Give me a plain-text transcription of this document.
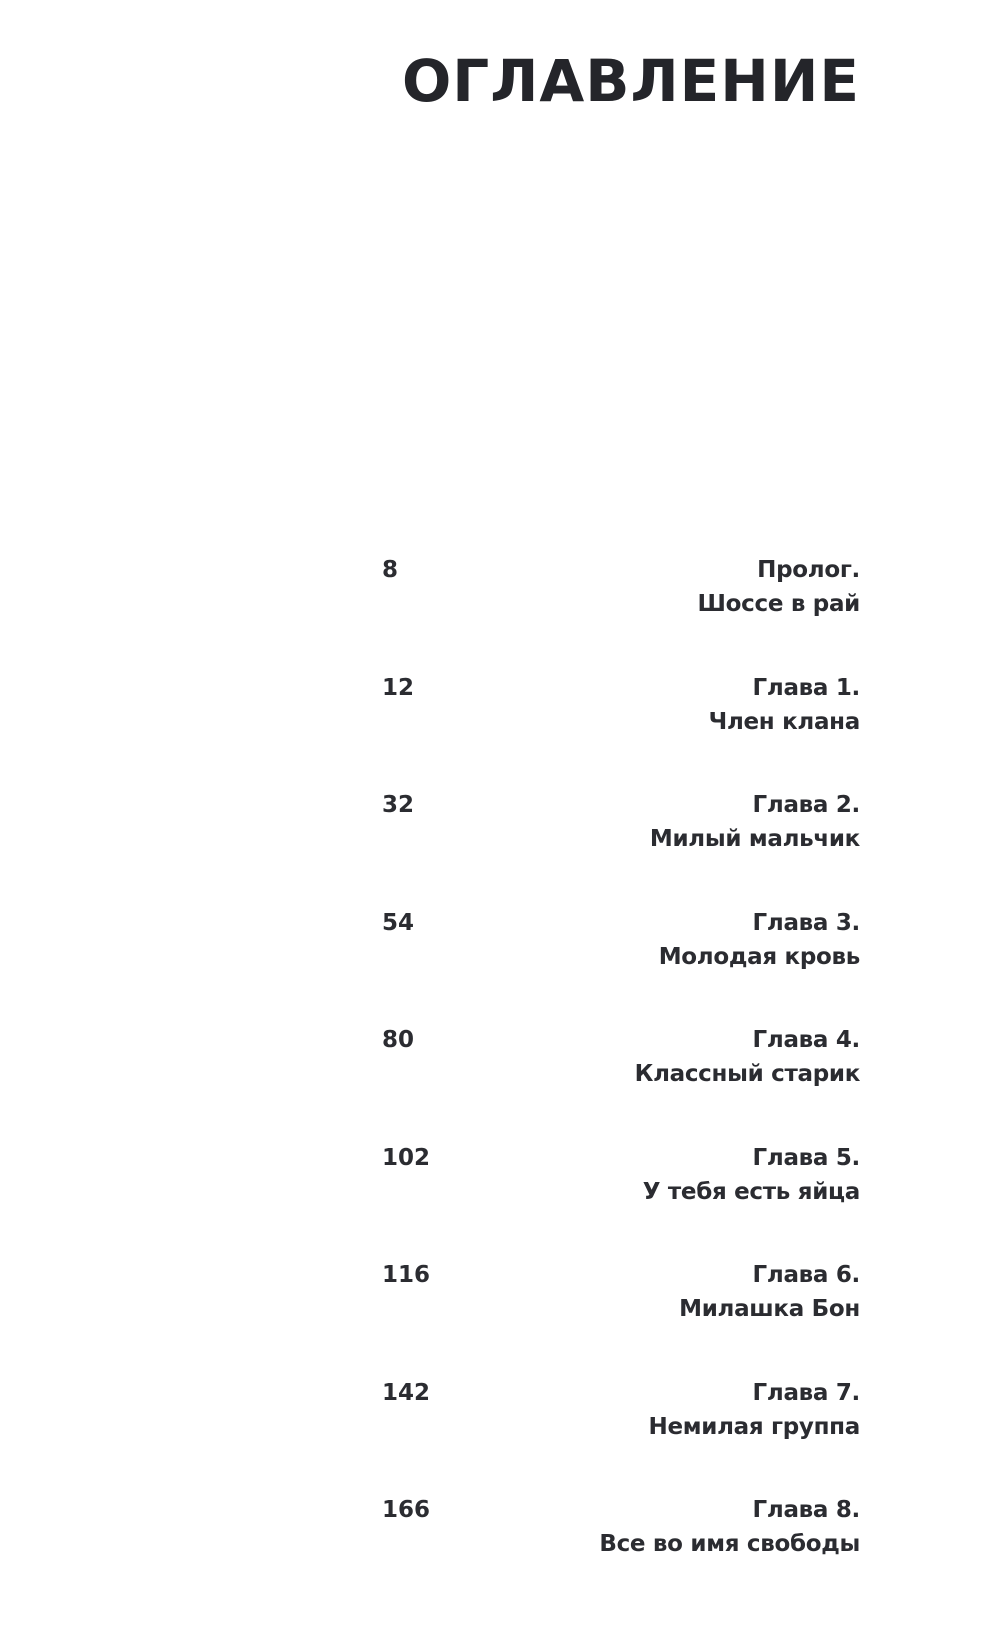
ОГЛАВЛЕНИЕ
8	Пролог.
Шоссе в рай
12	Глава 1.
Член клана
32	Глава 2.
Милый мальчик
54	Глава 3.
Молодая кровь
80	Глава 4.
Классный старик
102	Глава 5.
У тебя есть яйца
116	Глава 6.
Милашка Бон
142	Глава 7.
Немилая группа
166	Глава 8.
Все во имя свободы
